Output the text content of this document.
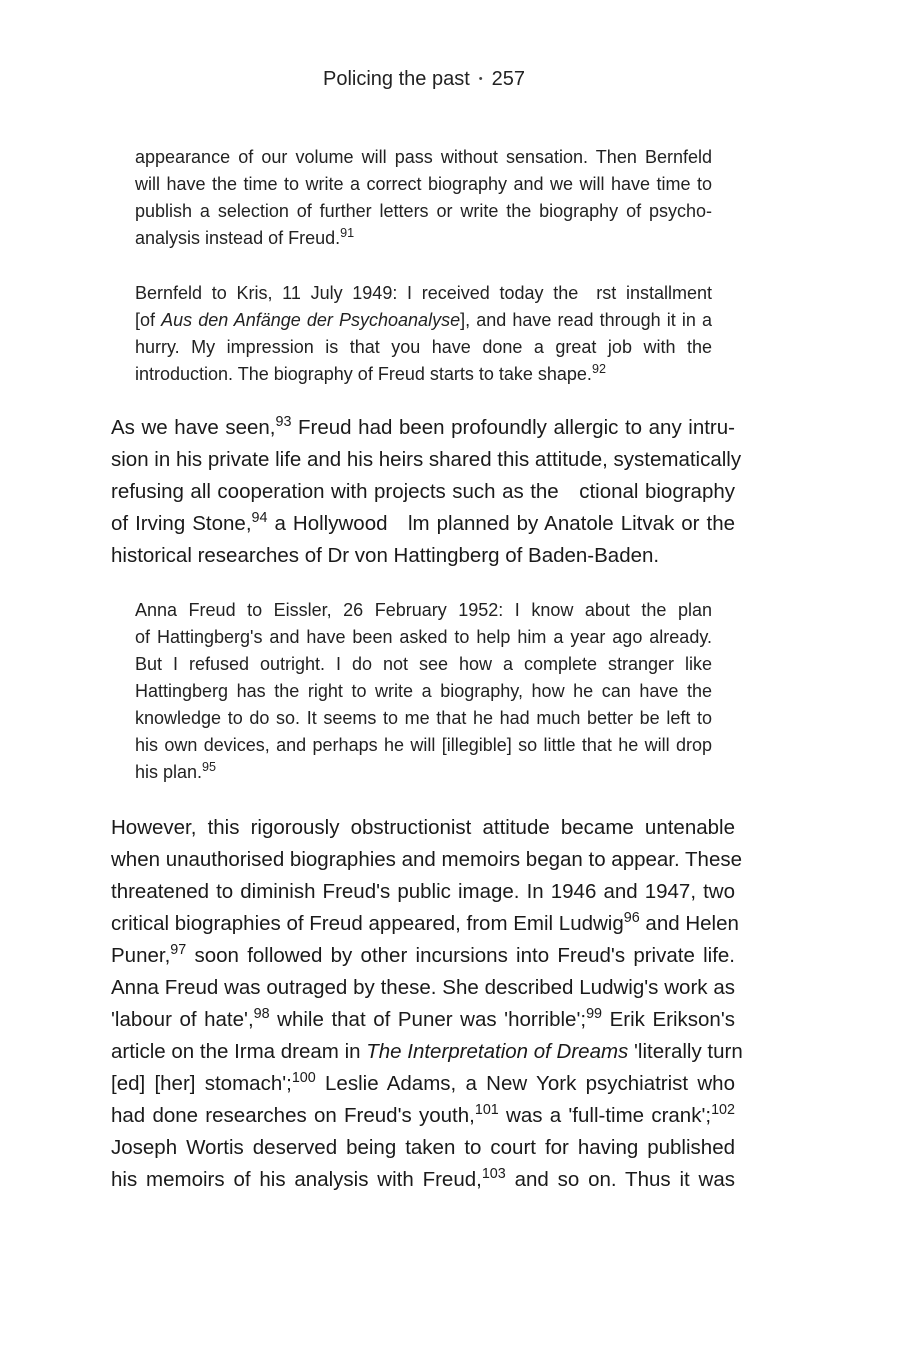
Policing the past • 257
appearance of our volume will pass without sensation. Then Bernfeld
will have the time to write a correct biography and we will have time to
publish a selection of further letters or write the biography of psycho-
analysis instead of Freud.$^{91}$
Bernfeld to Kris, 11 July 1949: I received today the rst installment
[of Aus den Anfänge der Psychoanalyse], and have read through it in a
hurry. My impression is that you have done a great job with the
introduction. The biography of Freud starts to take shape.$^{92}$
As we have seen,$^{93}$ Freud had been profoundly allergic to any intru-
sion in his private life and his heirs shared this attitude, systematically
refusing all cooperation with projects such as the ctional biography
of Irving Stone,$^{94}$ a Hollywood lm planned by Anatole Litvak or the
historical researches of Dr von Hattingberg of Baden-Baden.
Anna Freud to Eissler, 26 February 1952: I know about the plan
of Hattingberg's and have been asked to help him a year ago already.
But I refused outright. I do not see how a complete stranger like
Hattingberg has the right to write a biography, how he can have the
knowledge to do so. It seems to me that he had much better be left to
his own devices, and perhaps he will [illegible] so little that he will drop
his plan.$^{95}$
However, this rigorously obstructionist attitude became untenable
when unauthorised biographies and memoirs began to appear. These
threatened to diminish Freud's public image. In 1946 and 1947, two
critical biographies of Freud appeared, from Emil Ludwig$^{96}$ and Helen
Puner,$^{97}$ soon followed by other incursions into Freud's private life.
Anna Freud was outraged by these. She described Ludwig's work as
'labour of hate',$^{98}$ while that of Puner was 'horrible';$^{99}$ Erik Erikson's
article on the Irma dream in The Interpretation of Dreams 'literally turn
[ed] [her] stomach';$^{100}$ Leslie Adams, a New York psychiatrist who
had done researches on Freud's youth,$^{101}$ was a 'full-time crank';$^{102}$
Joseph Wortis deserved being taken to court for having published
his memoirs of his analysis with Freud,$^{103}$ and so on. Thus it was
